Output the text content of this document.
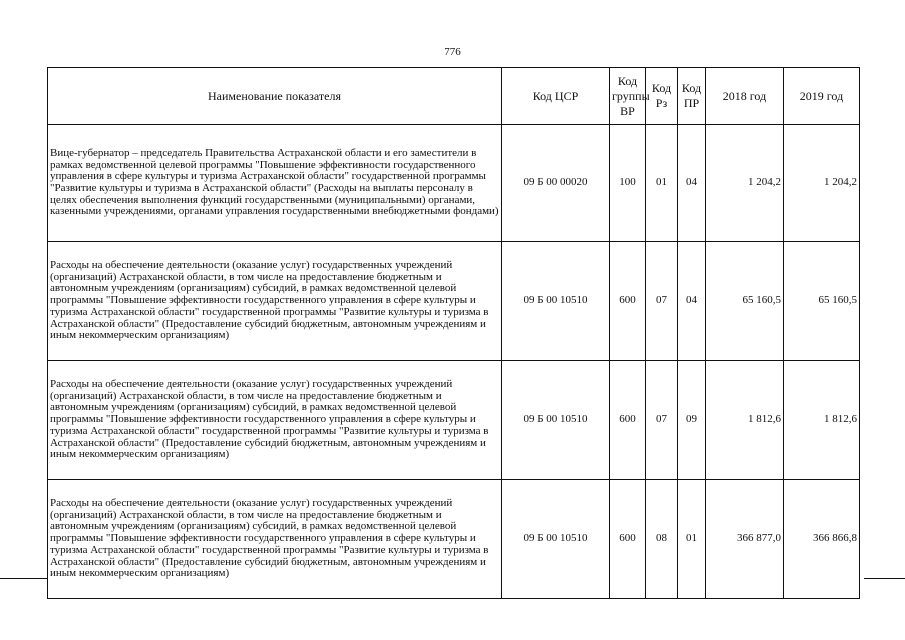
776
Наименование показателя	Код ЦСР	Код группы ВР	Код Рз	Код ПР	2018 год	2019 год
Вице-губернатор – председатель Правительства Астраханской области и его заместители в рамках ведомственной целевой программы "Повышение эффективности государственного управления в сфере культуры и туризма Астраханской области" государственной программы "Развитие культуры и туризма в Астраханской области" (Расходы на выплаты персоналу в целях обеспечения выполнения функций государственными (муниципальными) органами, казенными учреждениями, органами управления государственными внебюджетными фондами)	09 Б 00 00020	100	01	04	1 204,2	1 204,2
Расходы на обеспечение деятельности (оказание услуг) государственных учреждений (организаций) Астраханской области, в том числе на предоставление бюджетным и автономным учреждениям (организациям) субсидий, в рамках ведомственной целевой программы "Повышение эффективности государственного управления в сфере культуры и туризма Астраханской области" государственной программы "Развитие культуры и туризма в Астраханской области" (Предоставление субсидий бюджетным, автономным учреждениям и иным некоммерческим организациям)	09 Б 00 10510	600	07	04	65 160,5	65 160,5
Расходы на обеспечение деятельности (оказание услуг) государственных учреждений (организаций) Астраханской области, в том числе на предоставление бюджетным и автономным учреждениям (организациям) субсидий, в рамках ведомственной целевой программы "Повышение эффективности государственного управления в сфере культуры и туризма Астраханской области" государственной программы "Развитие культуры и туризма в Астраханской области" (Предоставление субсидий бюджетным, автономным учреждениям и иным некоммерческим организациям)	09 Б 00 10510	600	07	09	1 812,6	1 812,6
Расходы на обеспечение деятельности (оказание услуг) государственных учреждений (организаций) Астраханской области, в том числе на предоставление бюджетным и автономным учреждениям (организациям) субсидий, в рамках ведомственной целевой программы "Повышение эффективности государственного управления в сфере культуры и туризма Астраханской области" государственной программы "Развитие культуры и туризма в Астраханской области" (Предоставление субсидий бюджетным, автономным учреждениям и иным некоммерческим организациям)	09 Б 00 10510	600	08	01	366 877,0	366 866,8
